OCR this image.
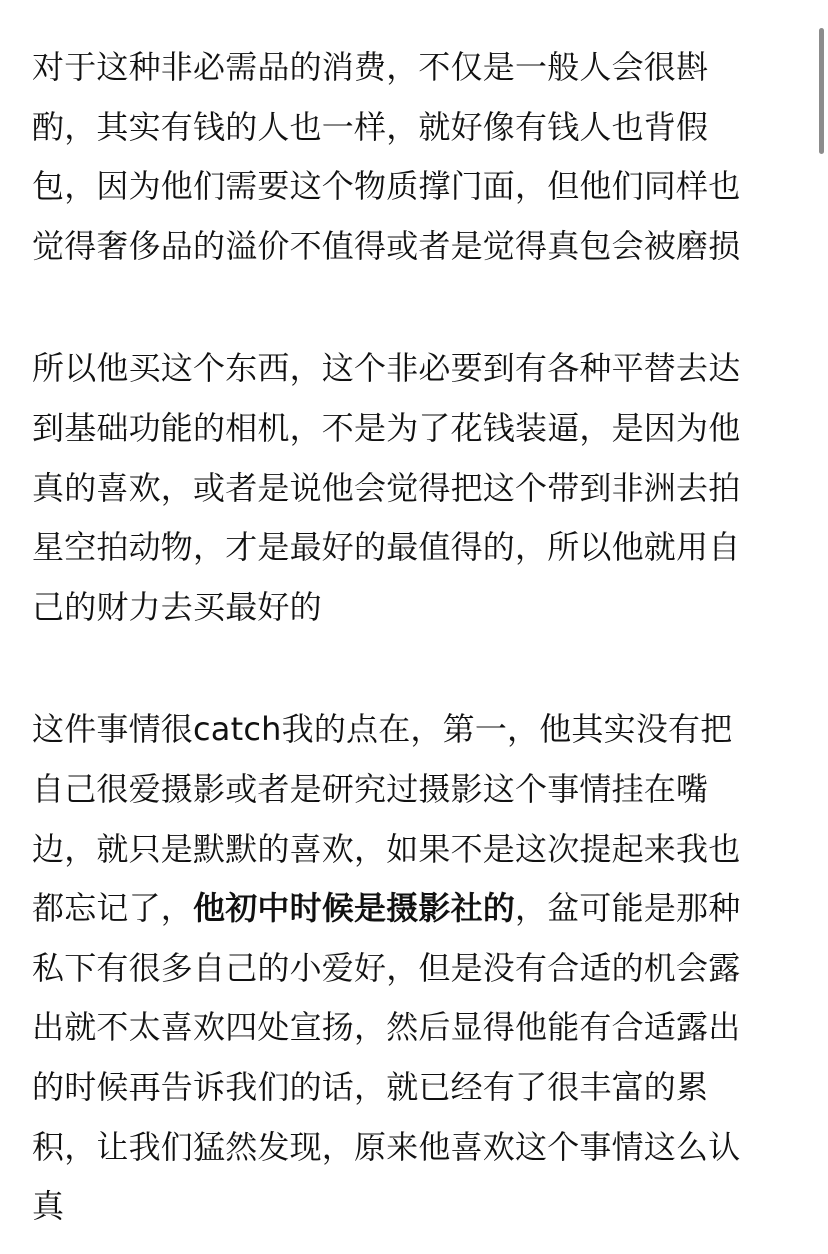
对于这种非必需品的消费，不仅是一般人会很斟
酌，其实有钱的人也一样，就好像有钱人也背假
包，因为他们需要这个物质撑门面，但他们同样也
觉得奢侈品的溢价不值得或者是觉得真包会被磨损
所以他买这个东西，这个非必要到有各种平替去达
到基础功能的相机，不是为了花钱装逼，是因为他
真的喜欢，或者是说他会觉得把这个带到非洲去拍
星空拍动物，才是最好的最值得的，所以他就用自
己的财力去买最好的
这件事情很catch我的点在，第一，他其实没有把
自己很爱摄影或者是研究过摄影这个事情挂在嘴
边，就只是默默的喜欢，如果不是这次提起来我也
都忘记了，他初中时候是摄影社的，盆可能是那种
私下有很多自己的小爱好，但是没有合适的机会露
出就不太喜欢四处宣扬，然后显得他能有合适露出
的时候再告诉我们的话，就已经有了很丰富的累
积，让我们猛然发现，原来他喜欢这个事情这么认
真
